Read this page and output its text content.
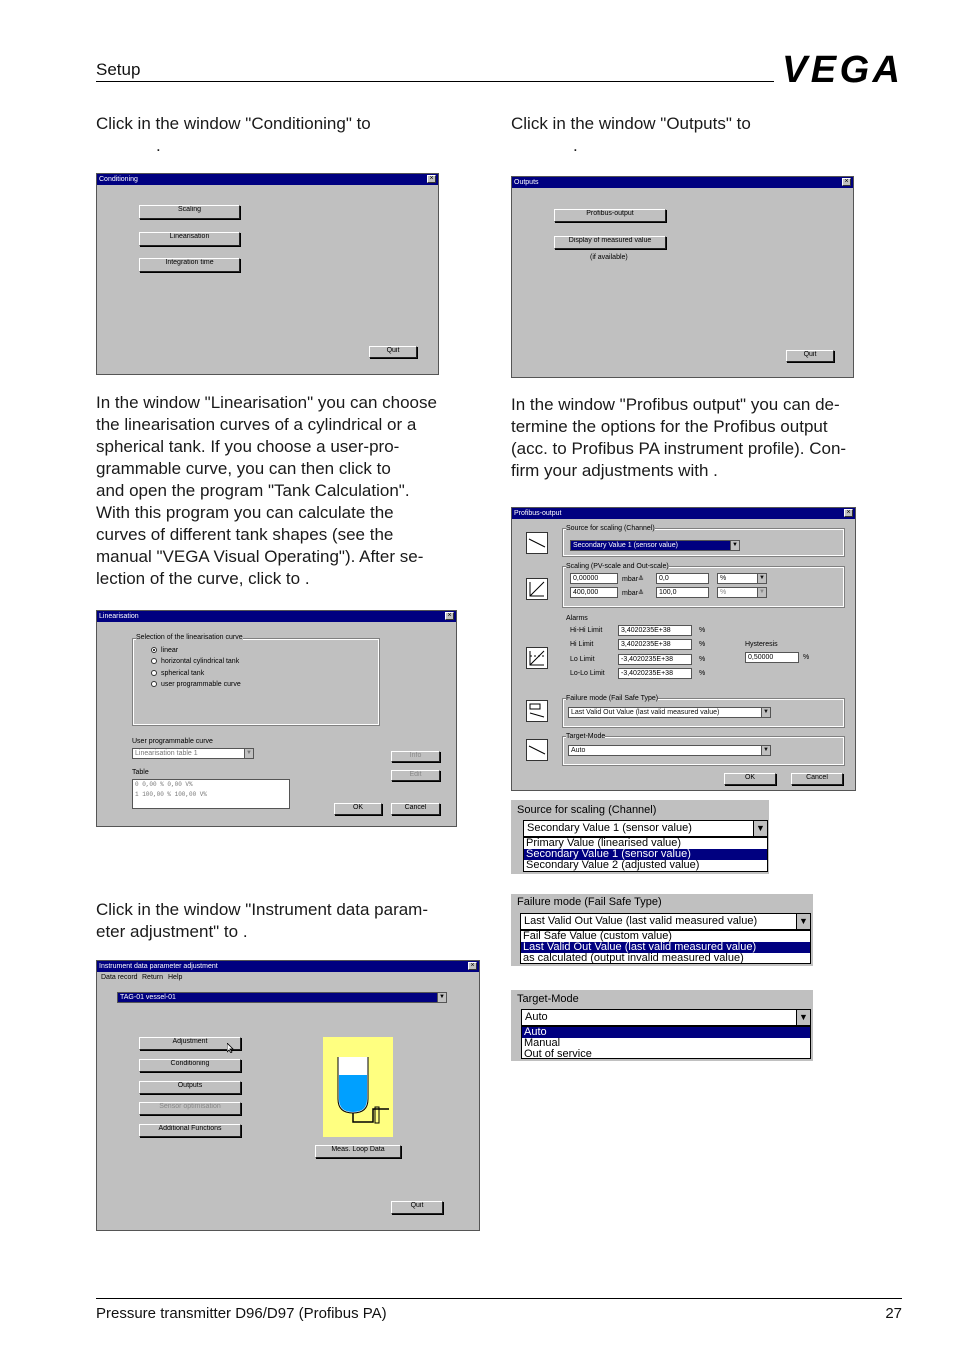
Setup	VEGA
Click in the window "Conditioning" to
.
Conditioning	×
Scaling
Linearisation
Integration time
Quit
In the window "Linearisation" you can choose
the linearisation curves of a cylindrical or a
spherical tank. If you choose a user-pro-
grammable curve, you can then click to
and open the program "Tank Calculation".
With this program you can calculate the
curves of different tank shapes (see the
manual "VEGA Visual Operating"). After se-
lection of the curve, click to .
Linearisation	×
Selection of the linearisation curve
linear
horizontal cylindrical tank
spherical tank
user programmable curve
User programmable curve
Linearisation table 1	▼
Table
0 0,00 % 0,00 V%
1 100,00 % 100,00 V%
Info
Edit
OK	Cancel
Click in the window "Instrument data param-
eter adjustment" to .
Instrument data parameter adjustment	×
Data record Return Help
TAG-01 vessel-01	▼
Adjustment
Conditioning
Outputs
Sensor optimisation
Additional Functions
Meas. Loop Data
Quit
Click in the window "Outputs" to
.
Outputs	×
Profibus-output
Display of measured value
(if available)
Quit
In the window "Profibus output" you can de-
termine the options for the Profibus output
(acc. to Profibus PA instrument profile). Con-
firm your adjustments with .
Profibus-output	×
Source for scaling (Channel)
Secondary Value 1 (sensor value)	▼
Scaling (PV-scale and Out-scale)
0,00000	mbar≙	0,0	%	▼
400,000	mbar≙	100,0	%	▼
Alarms
Hi-Hi Limit	3,4020235E+38	%
Hi Limit	3,4020235E+38	%
Lo Limit	-3,4020235E+38	%
Lo-Lo Limit	-3,4020235E+38	%
Hysteresis
0,50000	%
Failure mode (Fail Safe Type)
Last Valid Out Value (last valid measured value)	▼
Target-Mode
Auto	▼
OK	Cancel
Source for scaling (Channel)
Secondary Value 1 (sensor value)	▼
Primary Value (linearised value)
Secondary Value 1 (sensor value)
Secondary Value 2 (adjusted value)
Failure mode (Fail Safe Type)
Last Valid Out Value (last valid measured value)	▼
Fail Safe Value (custom value)
Last Valid Out Value (last valid measured value)
as calculated (output invalid measured value)
Target-Mode
Auto	▼
Auto
Manual
Out of service
Pressure transmitter D96/D97 (Profibus PA)	27
